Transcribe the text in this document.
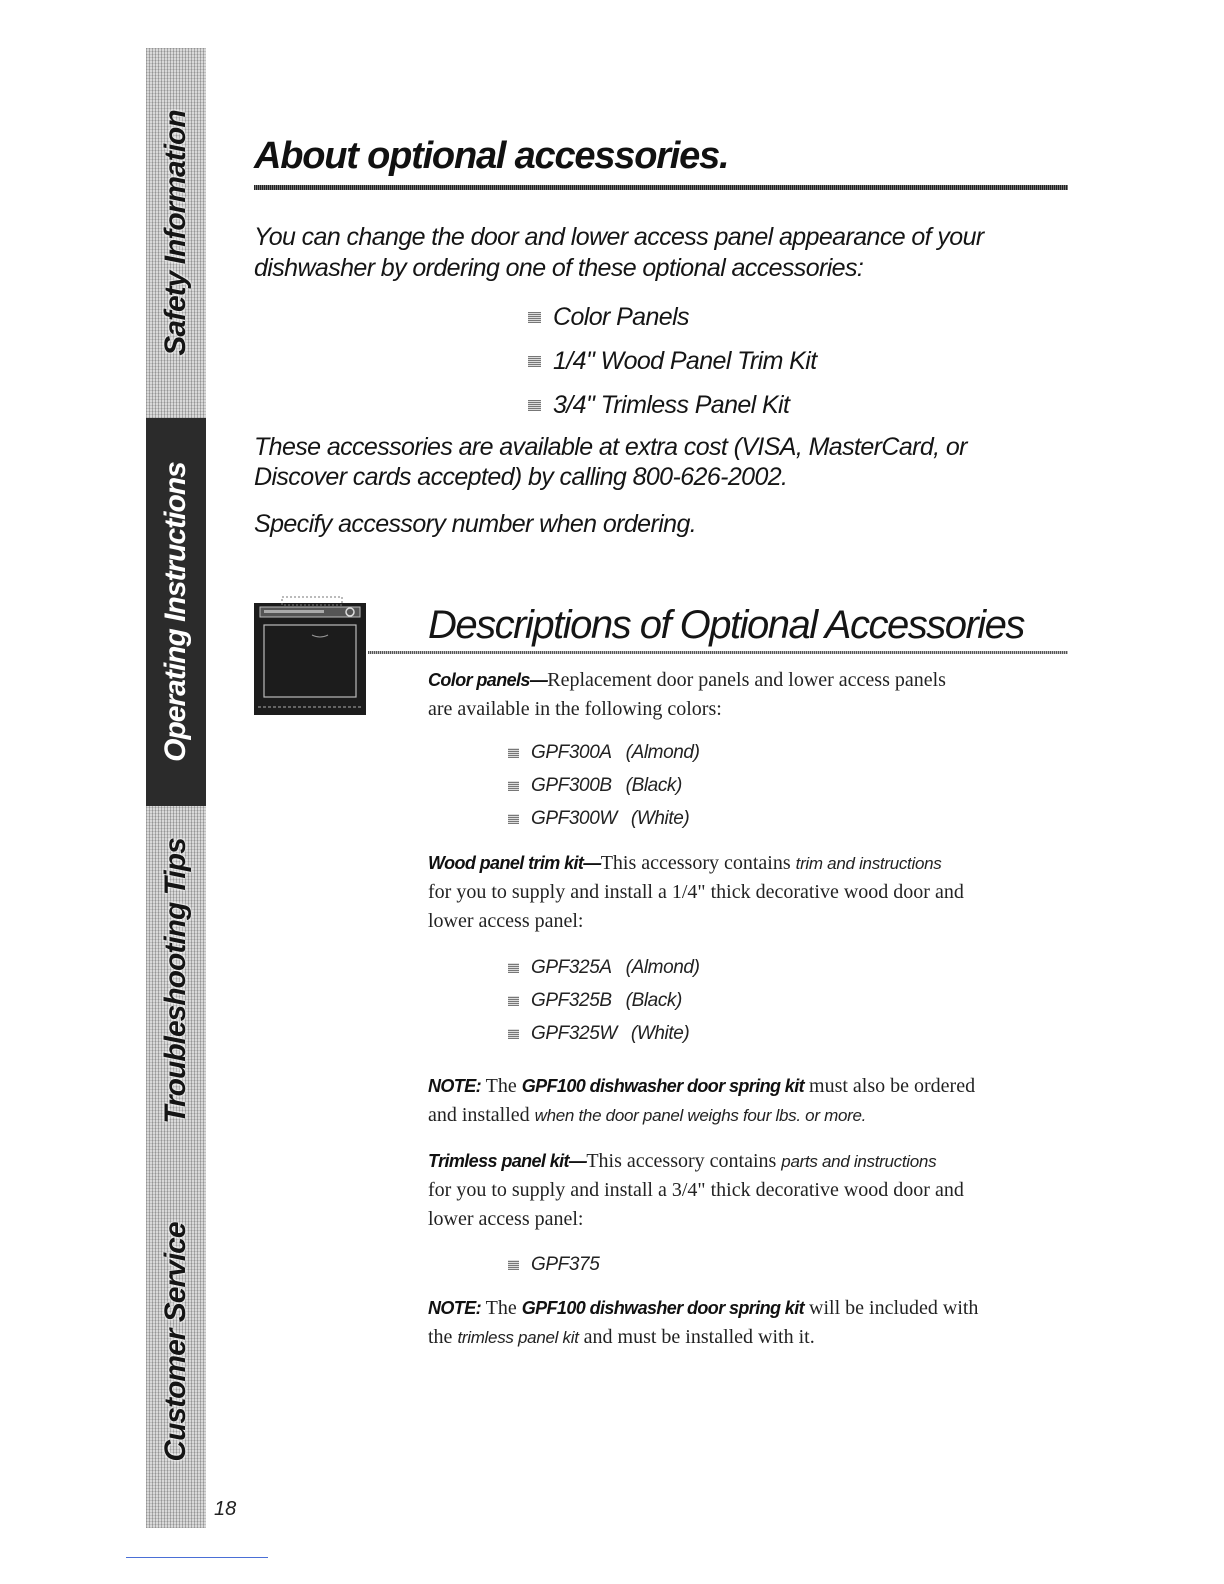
Safety Information
Operating Instructions
Troubleshooting Tips
Customer Service
18
About optional accessories.

You can change the door and lower access panel appearance of your

dishwasher by ordering one of these optional accessories:

Color Panels
1/4" Wood Panel Trim Kit
3/4" Trimless Panel Kit
These accessories are available at extra cost (VISA, MasterCard, or
Discover cards accepted) by calling 800-626-2002.
Specify accessory number when ordering.
Descriptions of Optional Accessories

Color panels—Replacement door panels and lower access panels

are available in the following colors:

GPF300A (Almond)
GPF300B (Black)
GPF300W (White)

Wood panel trim kit—This accessory contains trim and instructions

for you to supply and install a 1/4" thick decorative wood door and

lower access panel:

GPF325A (Almond)
GPF325B (Black)
GPF325W (White)

NOTE: The GPF100 dishwasher door spring kit must also be ordered

and installed when the door panel weighs four lbs. or more.

Trimless panel kit—This accessory contains parts and instructions

for you to supply and install a 3/4" thick decorative wood door and

lower access panel:

GPF375

NOTE: The GPF100 dishwasher door spring kit will be included with

the trimless panel kit and must be installed with it.
